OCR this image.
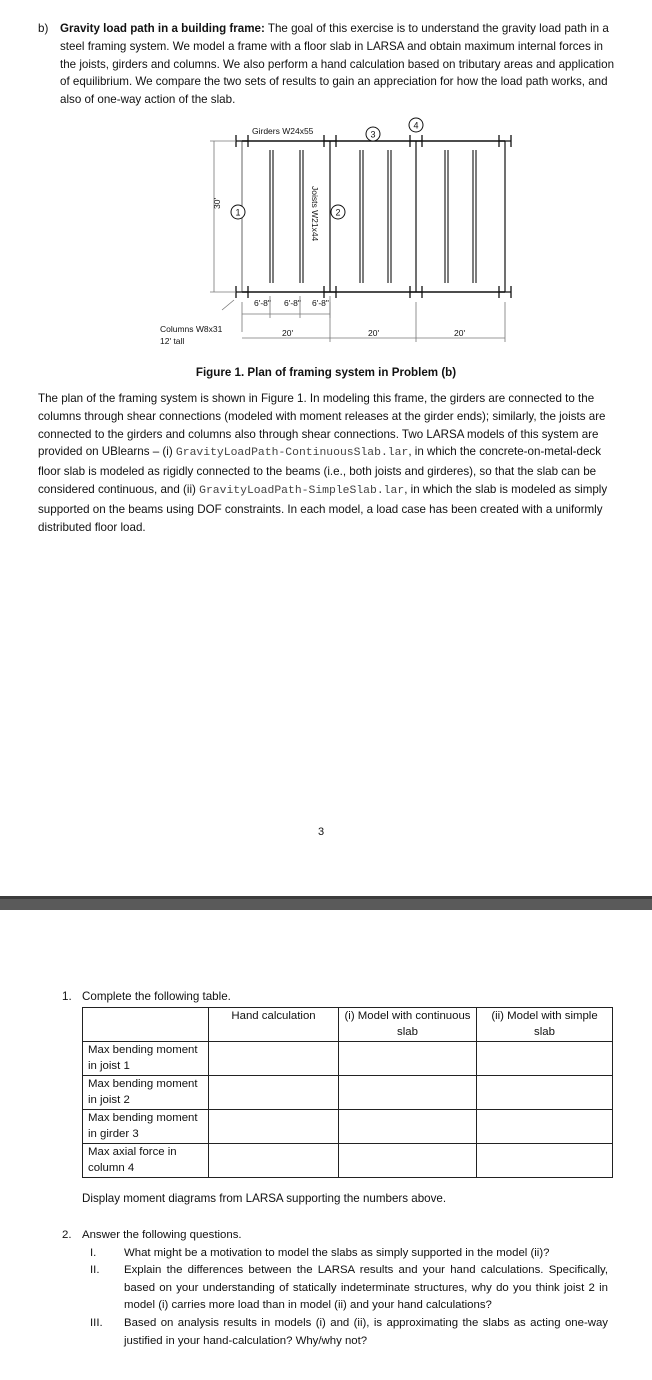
b) Gravity load path in a building frame: The goal of this exercise is to understand the gravity load path in a steel framing system. We model a frame with a floor slab in LARSA and obtain maximum internal forces in the joists, girders and columns. We also perform a hand calculation based on tributary areas and application of equilibrium. We compare the two sets of results to gain an appreciation for how the load path works, and also of one-way action of the slab.
Girders W24x55
Joists W21x44
30'
6'-8" 6'-8" 6'-8"
20'	20'	20'
Columns W8x31
12' tall
1	2
3
4
Figure 1. Plan of framing system in Problem (b)
The plan of the framing system is shown in Figure 1. In modeling this frame, the girders are connected to the columns through shear connections (modeled with moment releases at the girder ends); similarly, the joists are connected to the girders and columns also through shear connections. Two LARSA models of this system are provided on UBlearns – (i) GravityLoadPath-ContinuousSlab.lar, in which the concrete-on-metal-deck floor slab is modeled as rigidly connected to the beams (i.e., both joists and girderes), so that the slab can be considered continuous, and (ii) GravityLoadPath-SimpleSlab.lar, in which the slab is modeled as simply supported on the beams using DOF constraints. In each model, a load case has been created with a uniformly distributed floor load.
3
1. Complete the following table.
	Hand calculation	(i) Model with continuous slab	(ii) Model with simple slab
Max bending moment in joist 1			
Max bending moment in joist 2			
Max bending moment in girder 3			
Max axial force in column 4			
Display moment diagrams from LARSA supporting the numbers above.
2. Answer the following questions.
I.	What might be a motivation to model the slabs as simply supported in the model (ii)?
II.	Explain the differences between the LARSA results and your hand calculations. Specifically, based on your understanding of statically indeterminate structures, why do you think joist 2 in model (i) carries more load than in model (ii) and your hand calculations?
III.	Based on analysis results in models (i) and (ii), is approximating the slabs as acting one-way justified in your hand-calculation? Why/why not?
